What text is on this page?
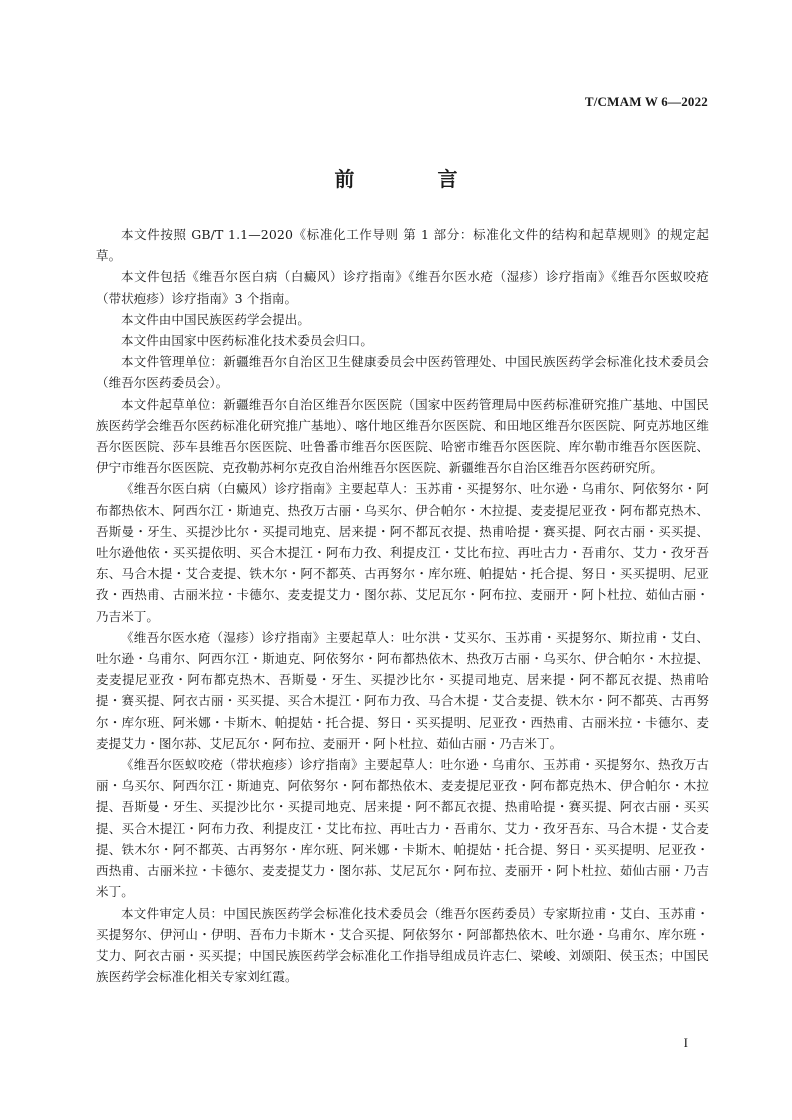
T/CMAM W 6—2022
前 言

本文件按照 GB/T 1.1—2020《标准化工作导则 第 1 部分：标准化文件的结构和起草规则》的规定起草。

本文件包括《维吾尔医白病（白癜风）诊疗指南》《维吾尔医水疮（湿疹）诊疗指南》《维吾尔医蚁咬疮（带状疱疹）诊疗指南》3 个指南。

本文件由中国民族医药学会提出。

本文件由国家中医药标准化技术委员会归口。

本文件管理单位：新疆维吾尔自治区卫生健康委员会中医药管理处、中国民族医药学会标准化技术委员会（维吾尔医药委员会）。

本文件起草单位：新疆维吾尔自治区维吾尔医医院（国家中医药管理局中医药标准研究推广基地、中国民族医药学会维吾尔医药标准化研究推广基地）、喀什地区维吾尔医医院、和田地区维吾尔医医院、阿克苏地区维吾尔医医院、莎车县维吾尔医医院、吐鲁番市维吾尔医医院、哈密市维吾尔医医院、库尔勒市维吾尔医医院、伊宁市维吾尔医医院、克孜勒苏柯尔克孜自治州维吾尔医医院、新疆维吾尔自治区维吾尔医药研究所。

《维吾尔医白病（白癜风）诊疗指南》主要起草人：玉苏甫・买提努尔、吐尔逊・乌甫尔、阿依努尔・阿布都热依木、阿西尔江・斯迪克、热孜万古丽・乌买尔、伊合帕尔・木拉提、麦麦提尼亚孜・阿布都克热木、吾斯曼・牙生、买提沙比尔・买提司地克、居来提・阿不都瓦衣提、热甫哈提・赛买提、阿衣古丽・买买提、吐尔逊他依・买买提依明、买合木提江・阿布力孜、利提皮江・艾比布拉、再吐古力・吾甫尔、艾力・孜牙吾东、马合木提・艾合麦提、铁木尔・阿不都英、古再努尔・库尔班、帕提姑・托合提、努日・买买提明、尼亚孜・西热甫、古丽米拉・卡德尔、麦麦提艾力・图尔荪、艾尼瓦尔・阿布拉、麦丽开・阿卜杜拉、茹仙古丽・乃吉米丁。

《维吾尔医水疮（湿疹）诊疗指南》主要起草人：吐尔洪・艾买尔、玉苏甫・买提努尔、斯拉甫・艾白、吐尔逊・乌甫尔、阿西尔江・斯迪克、阿依努尔・阿布都热依木、热孜万古丽・乌买尔、伊合帕尔・木拉提、麦麦提尼亚孜・阿布都克热木、吾斯曼・牙生、买提沙比尔・买提司地克、居来提・阿不都瓦衣提、热甫哈提・赛买提、阿衣古丽・买买提、买合木提江・阿布力孜、马合木提・艾合麦提、铁木尔・阿不都英、古再努尔・库尔班、阿米娜・卡斯木、帕提姑・托合提、努日・买买提明、尼亚孜・西热甫、古丽米拉・卡德尔、麦麦提艾力・图尔荪、艾尼瓦尔・阿布拉、麦丽开・阿卜杜拉、茹仙古丽・乃吉米丁。

《维吾尔医蚁咬疮（带状疱疹）诊疗指南》主要起草人：吐尔逊・乌甫尔、玉苏甫・买提努尔、热孜万古丽・乌买尔、阿西尔江・斯迪克、阿依努尔・阿布都热依木、麦麦提尼亚孜・阿布都克热木、伊合帕尔・木拉提、吾斯曼・牙生、买提沙比尔・买提司地克、居来提・阿不都瓦衣提、热甫哈提・赛买提、阿衣古丽・买买提、买合木提江・阿布力孜、利提皮江・艾比布拉、再吐古力・吾甫尔、艾力・孜牙吾东、马合木提・艾合麦提、铁木尔・阿不都英、古再努尔・库尔班、阿米娜・卡斯木、帕提姑・托合提、努日・买买提明、尼亚孜・西热甫、古丽米拉・卡德尔、麦麦提艾力・图尔荪、艾尼瓦尔・阿布拉、麦丽开・阿卜杜拉、茹仙古丽・乃吉米丁。

本文件审定人员：中国民族医药学会标准化技术委员会（维吾尔医药委员）专家斯拉甫・艾白、玉苏甫・买提努尔、伊河山・伊明、吾布力卡斯木・艾合买提、阿依努尔・阿部都热依木、吐尔逊・乌甫尔、库尔班・艾力、阿衣古丽・买买提；中国民族医药学会标准化工作指导组成员许志仁、梁峻、刘颂阳、侯玉杰；中国民族医药学会标准化相关专家刘红霞。

I
